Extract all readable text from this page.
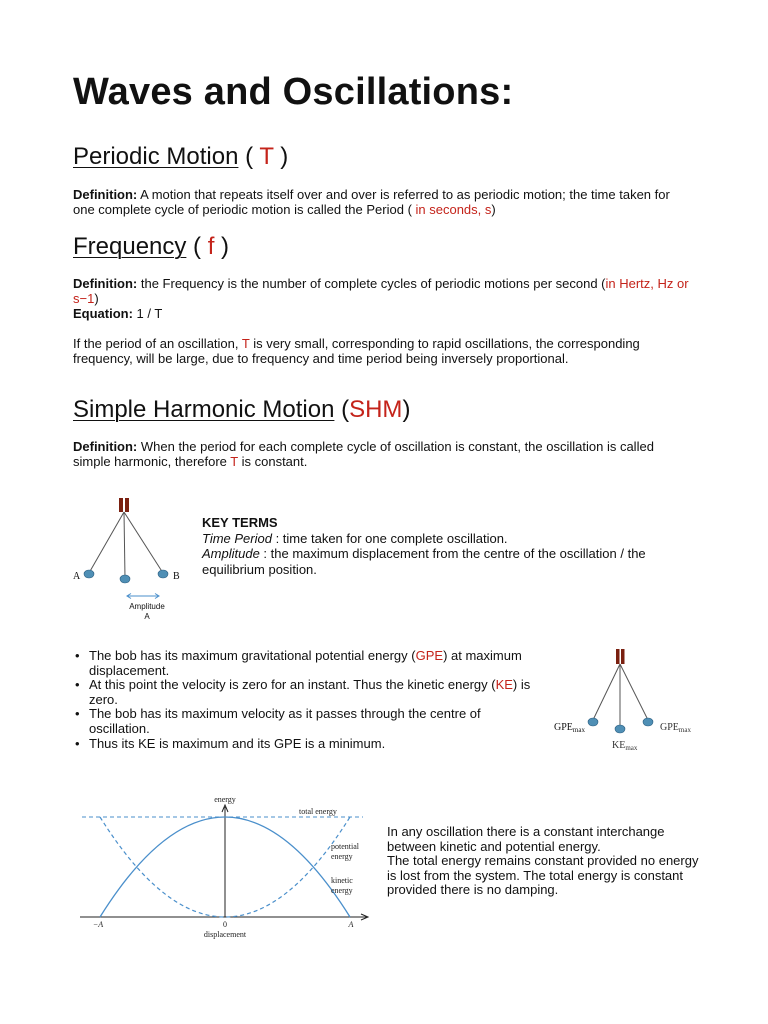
Waves and Oscillations:
Periodic Motion ( T )

Definition: A motion that repeats itself over and over is referred to as periodic motion; the time taken for one complete cycle of periodic motion is called the Period ( in seconds, s)

Frequency ( f )

Definition: the Frequency is the number of complete cycles of periodic motions per second (in Hertz, Hz or s−1)
Equation: 1 / T

If the period of an oscillation, T is very small, corresponding to rapid oscillations, the corresponding frequency, will be large, due to frequency and time period being inversely proportional.

Simple Harmonic Motion (SHM)

Definition: When the period for each complete cycle of oscillation is constant, the oscillation is called simple harmonic, therefore T is constant.

A	B
Amplitude
A
KEY TERMS
Time Period : time taken for one complete oscillation.
Amplitude : the maximum displacement from the centre of the oscillation / the equilibrium position.
• The bob has its maximum gravitational potential energy (GPE) at maximum displacement.
• At this point the velocity is zero for an instant. Thus the kinetic energy (KE) is zero.
• The bob has its maximum velocity as it passes through the centre of oscillation.
• Thus its KE is maximum and its GPE is a minimum.
$GPE_{max}$	$GPE_{max}$
$KE_{max}$
energy
total energy
potential energy
kinetic energy
−A	0	A
displacement
In any oscillation there is a constant interchange between kinetic and potential energy.
The total energy remains constant provided no energy is lost from the system. The total energy is constant provided there is no damping.
